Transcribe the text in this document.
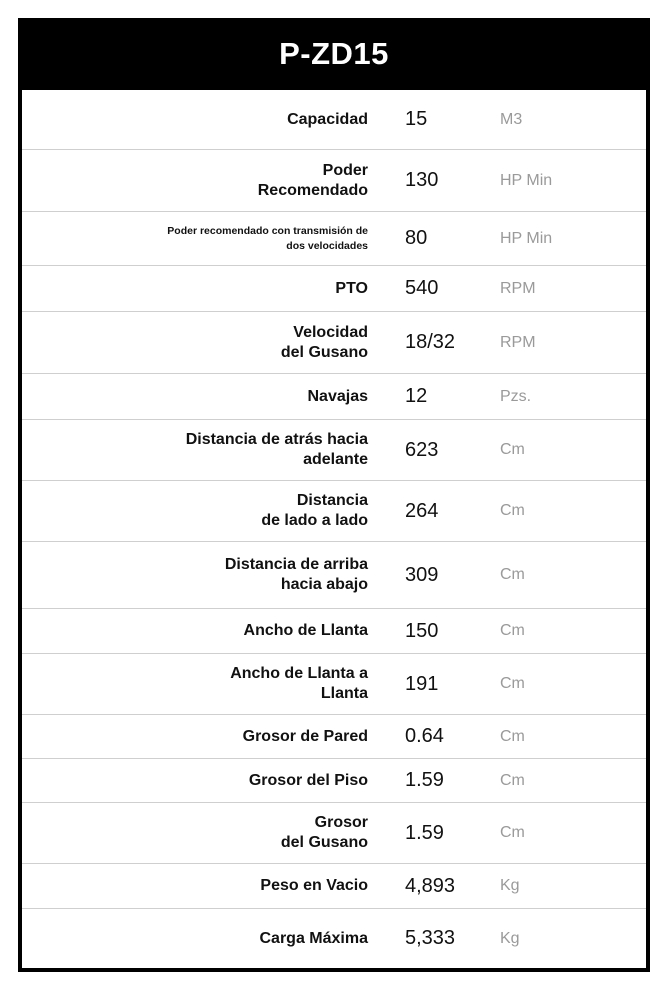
P-ZD15
Capacidad	15	M3
Poder
Recomendado	130	HP Min
Poder recomendado con transmisión de
dos velocidades	80	HP Min
PTO	540	RPM
Velocidad
del Gusano	18/32	RPM
Navajas	12	Pzs.
Distancia de atrás hacia
adelante	623	Cm
Distancia
de lado a lado	264	Cm
Distancia de arriba
hacia abajo	309	Cm
Ancho de Llanta	150	Cm
Ancho de Llanta a
Llanta	191	Cm
Grosor de Pared	0.64	Cm
Grosor del Piso	1.59	Cm
Grosor
del Gusano	1.59	Cm
Peso en Vacio	4,893	Kg
Carga Máxima	5,333	Kg
